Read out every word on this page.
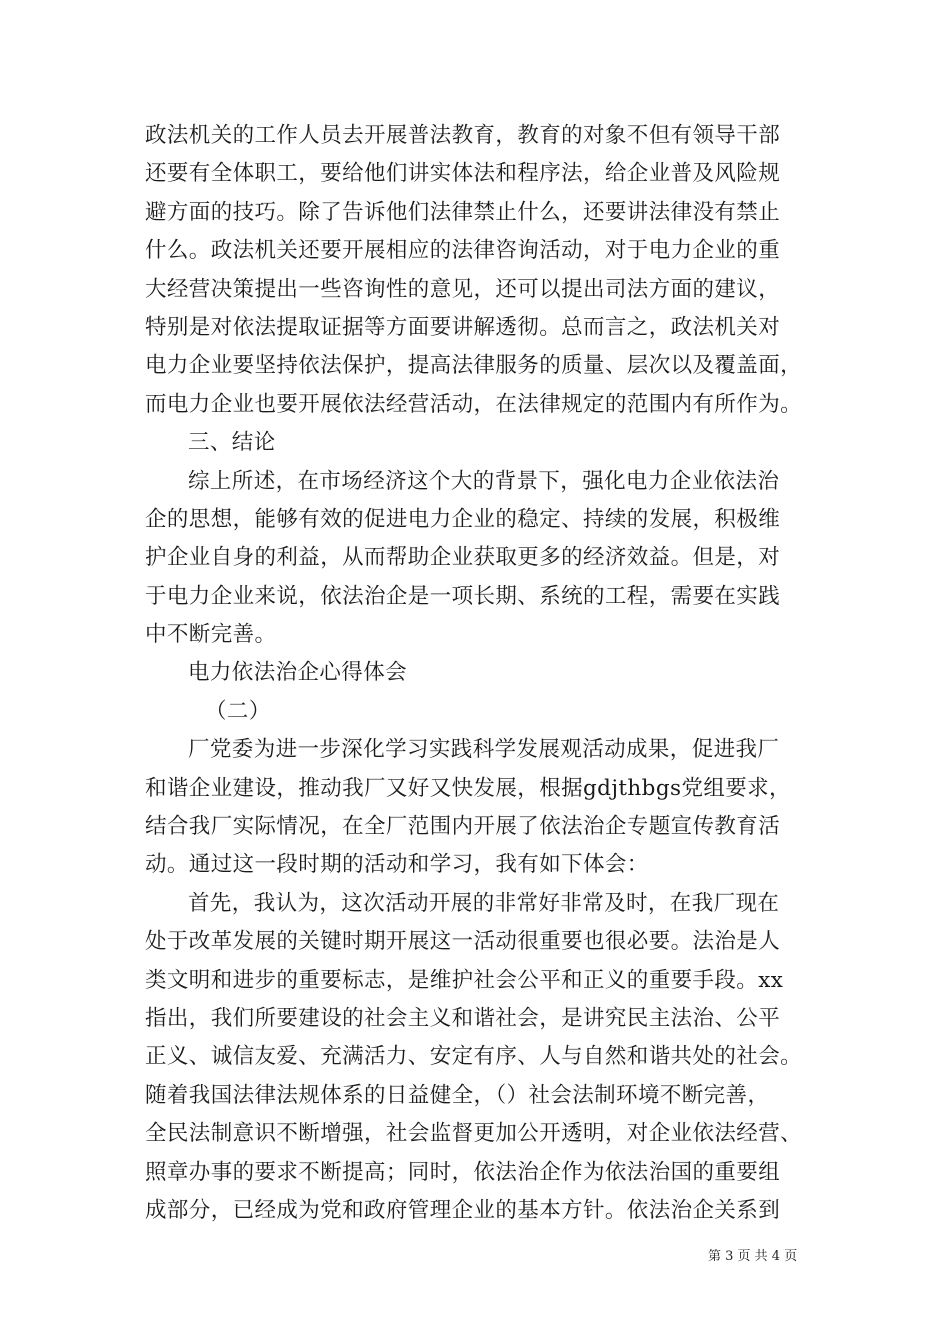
政法机关的工作人员去开展普法教育，教育的对象不但有领导干部
还要有全体职工，要给他们讲实体法和程序法，给企业普及风险规
避方面的技巧。除了告诉他们法律禁止什么，还要讲法律没有禁止
什么。政法机关还要开展相应的法律咨询活动，对于电力企业的重
大经营决策提出一些咨询性的意见，还可以提出司法方面的建议，
特别是对依法提取证据等方面要讲解透彻。总而言之，政法机关对
电力企业要坚持依法保护，提高法律服务的质量、层次以及覆盖面，
而电力企业也要开展依法经营活动，在法律规定的范围内有所作为。
三、结论
综上所述，在市场经济这个大的背景下，强化电力企业依法治
企的思想，能够有效的促进电力企业的稳定、持续的发展，积极维
护企业自身的利益，从而帮助企业获取更多的经济效益。但是，对
于电力企业来说，依法治企是一项长期、系统的工程，需要在实践
中不断完善。
电力依法治企心得体会
（二）
厂党委为进一步深化学习实践科学发展观活动成果，促进我厂
和谐企业建设，推动我厂又好又快发展，根据gdjthbgs党组要求，
结合我厂实际情况，在全厂范围内开展了依法治企专题宣传教育活
动。通过这一段时期的活动和学习，我有如下体会：
首先，我认为，这次活动开展的非常好非常及时，在我厂现在
处于改革发展的关键时期开展这一活动很重要也很必要。法治是人
类文明和进步的重要标志，是维护社会公平和正义的重要手段。xx
指出，我们所要建设的社会主义和谐社会，是讲究民主法治、公平
正义、诚信友爱、充满活力、安定有序、人与自然和谐共处的社会。
随着我国法律法规体系的日益健全，（）社会法制环境不断完善，
全民法制意识不断增强，社会监督更加公开透明，对企业依法经营、
照章办事的要求不断提高；同时，依法治企作为依法治国的重要组
成部分，已经成为党和政府管理企业的基本方针。依法治企关系到
第 3 页 共 4 页
